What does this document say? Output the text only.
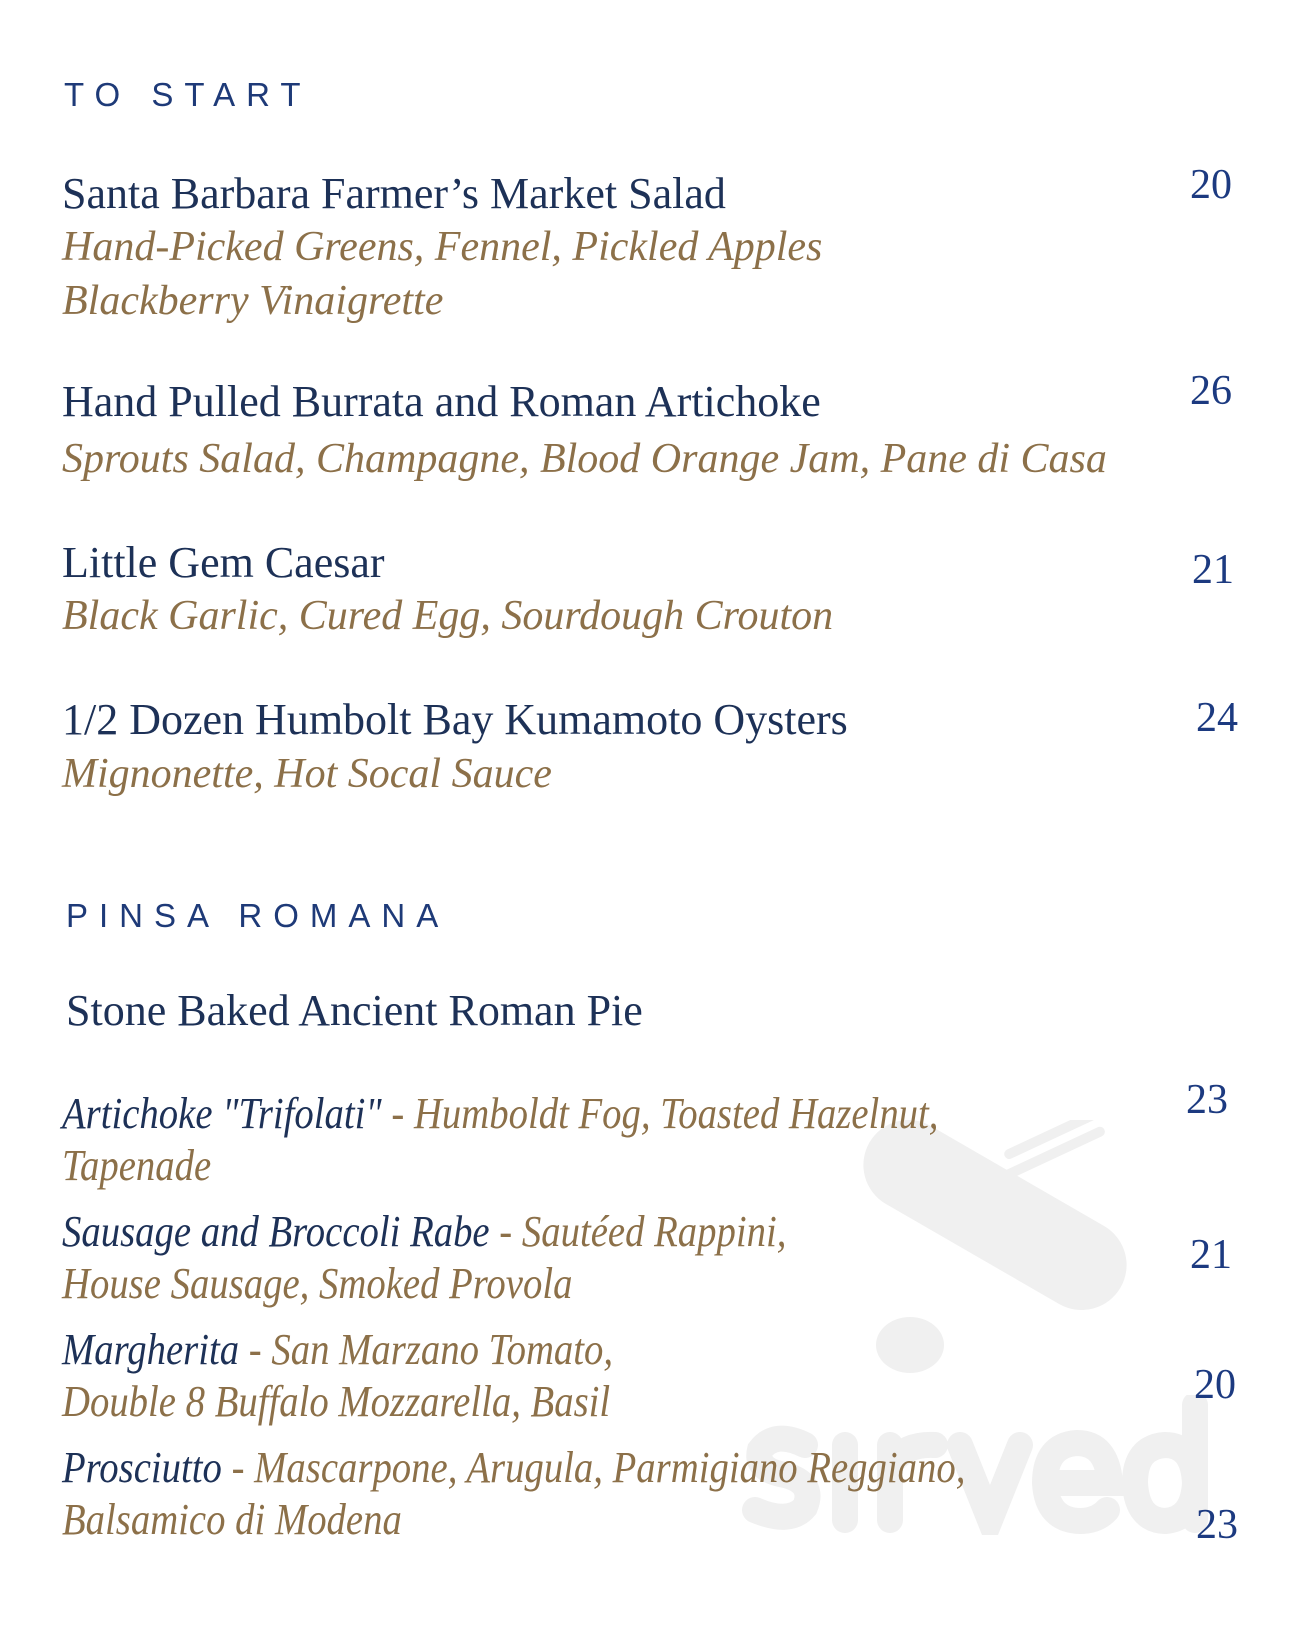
TO START
Santa Barbara Farmer’s Market Salad
Hand-Picked Greens, Fennel, Pickled Apples
Blackberry Vinaigrette
20
Hand Pulled Burrata and Roman Artichoke
Sprouts Salad, Champagne, Blood Orange Jam, Pane di Casa
26
Little Gem Caesar
Black Garlic, Cured Egg, Sourdough Crouton
21
1/2 Dozen Humbolt Bay Kumamoto Oysters
Mignonette, Hot Socal Sauce
24
PINSA ROMANA
Stone Baked Ancient Roman Pie
Artichoke "Trifolati" - Humboldt Fog, Toasted Hazelnut,
Tapenade
23
Sausage and Broccoli Rabe - Sautéed Rappini,
House Sausage, Smoked Provola
21
Margherita - San Marzano Tomato,
Double 8 Buffalo Mozzarella, Basil	20
Prosciutto - Mascarpone, Arugula, Parmigiano Reggiano,
Balsamico di Modena	23
